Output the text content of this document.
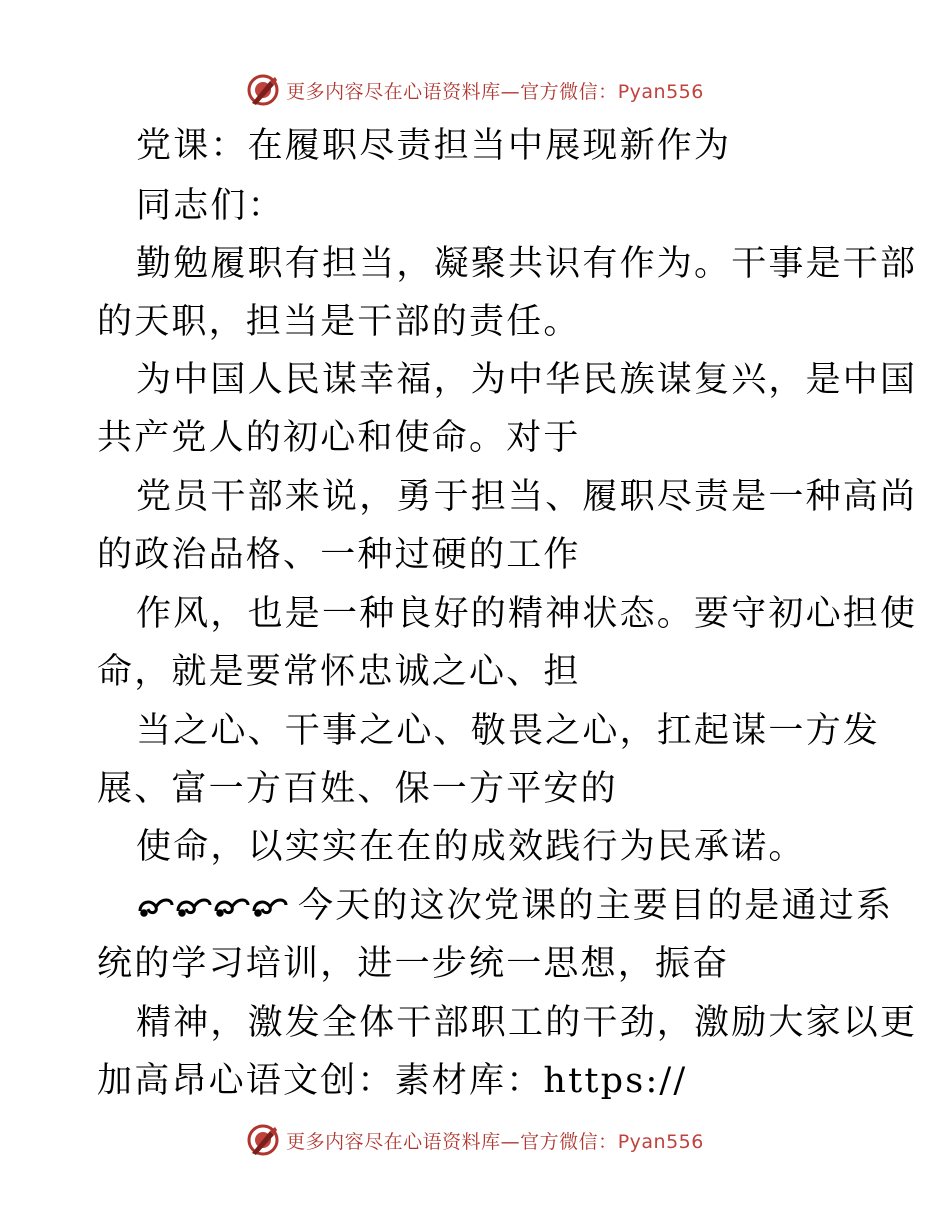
更多内容尽在心语资料库—官方微信：Pyan556
党课：在履职尽责担当中展现新作为
同志们：
勤勉履职有担当，凝聚共识有作为。干事是干部
的天职，担当是干部的责任。
为中国人民谋幸福，为中华民族谋复兴，是中国
共产党人的初心和使命。对于
党员干部来说，勇于担当、履职尽责是一种高尚
的政治品格、一种过硬的工作
作风，也是一种良好的精神状态。要守初心担使
命，就是要常怀忠诚之心、担
当之心、干事之心、敬畏之心，扛起谋一方发
展、富一方百姓、保一方平安的
使命，以实实在在的成效践行为民承诺。
今天的这次党课的主要目的是通过系
统的学习培训，进一步统一思想，振奋
精神，激发全体干部职工的干劲，激励大家以更
加高昂心语文创：素材库：https://
更多内容尽在心语资料库—官方微信：Pyan556
